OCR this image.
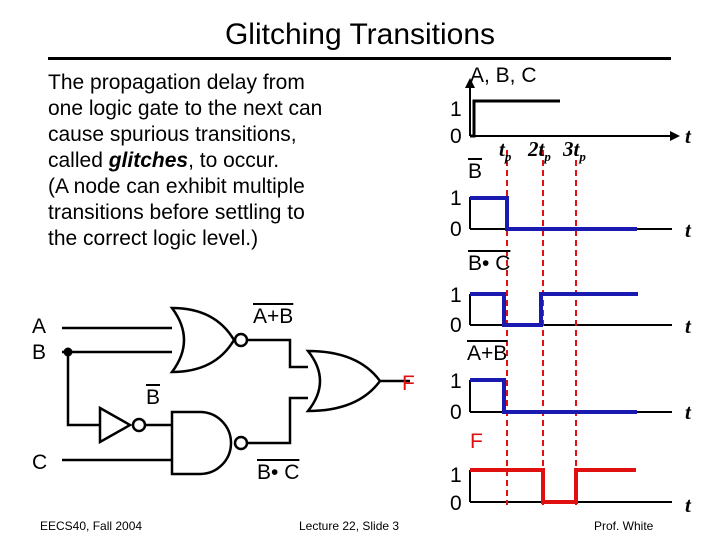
Glitching Transitions
The propagation delay from
one logic gate to the next can
cause spurious transitions,
called glitches, to occur.
(A node can exhibit multiple
transitions before settling to
the correct logic level.)
A
B
C
A+B
$\overline{B}$
B• C
F
A, B, C
1
0	t
$t_p$ $2t_p$ $3t_p$
$\overline{B}$
1
0	t
B• C
1
0	t
A+B
1
0	t
F
1
0	t
EECS40, Fall 2004	Lecture 22, Slide 3	Prof. White
